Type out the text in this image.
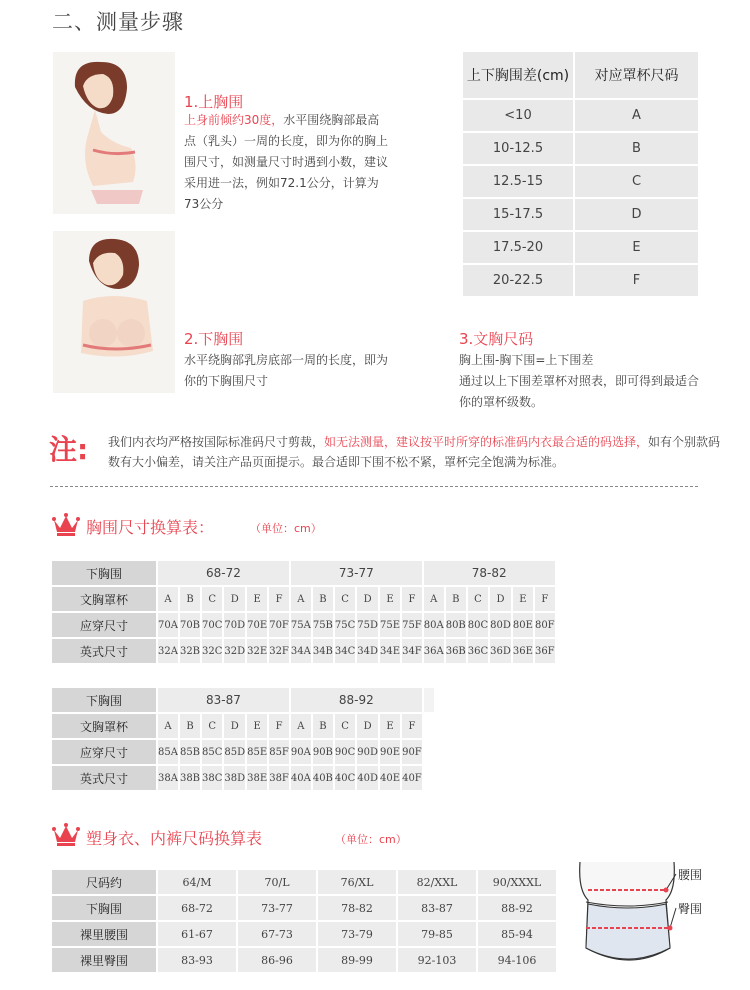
二、测量步骤
1.上胸围
上身前倾约30度，水平围绕胸部最高点（乳头）一周的长度，即为你的胸上围尺寸，如测量尺寸时遇到小数，建议采用进一法，例如72.1公分，计算为73公分
2.下胸围
水平绕胸部乳房底部一周的长度，即为你的下胸围尺寸
上下胸围差(cm)	对应罩杯尺码
<10	A
10-12.5	B
12.5-15	C
15-17.5	D
17.5-20	E
20-22.5	F
3.文胸尺码
胸上围-胸下围=上下围差
通过以上下围差罩杯对照表，即可得到最适合你的罩杯级数。
注: 我们内衣均严格按国际标准码尺寸剪裁，如无法测量，建议按平时所穿的标准码内衣最合适的码选择，如有个别款码数有大小偏差，请关注产品页面提示。最合适即下围不松不紧，罩杯完全饱满为标准。
胸围尺寸换算表：	（单位：cm）
下胸围	68-72						73-77						78-82					
文胸罩杯	A	B	C	D	E	F	A	B	C	D	E	F	A	B	C	D	E	F
应穿尺寸	70A	70B	70C	70D	70E	70F	75A	75B	75C	75D	75E	75F	80A	80B	80C	80D	80E	80F
英式尺寸	32A	32B	32C	32D	32E	32F	34A	34B	34C	34D	34E	34F	36A	36B	36C	36D	36E	36F
下胸围	83-87						88-92											
文胸罩杯	A	B	C	D	E	F	A	B	C	D	E	F						
应穿尺寸	85A	85B	85C	85D	85E	85F	90A	90B	90C	90D	90E	90F						
英式尺寸	38A	38B	38C	38D	38E	38F	40A	40B	40C	40D	40E	40F						
塑身衣、内裤尺码换算表	（单位：cm）
尺码约	64/M	70/L	76/XL	82/XXL	90/XXXL
下胸围	68-72	73-77	78-82	83-87	88-92
裸里腰围	61-67	67-73	73-79	79-85	85-94
裸里臀围	83-93	86-96	89-99	92-103	94-106
腰围
臀围
